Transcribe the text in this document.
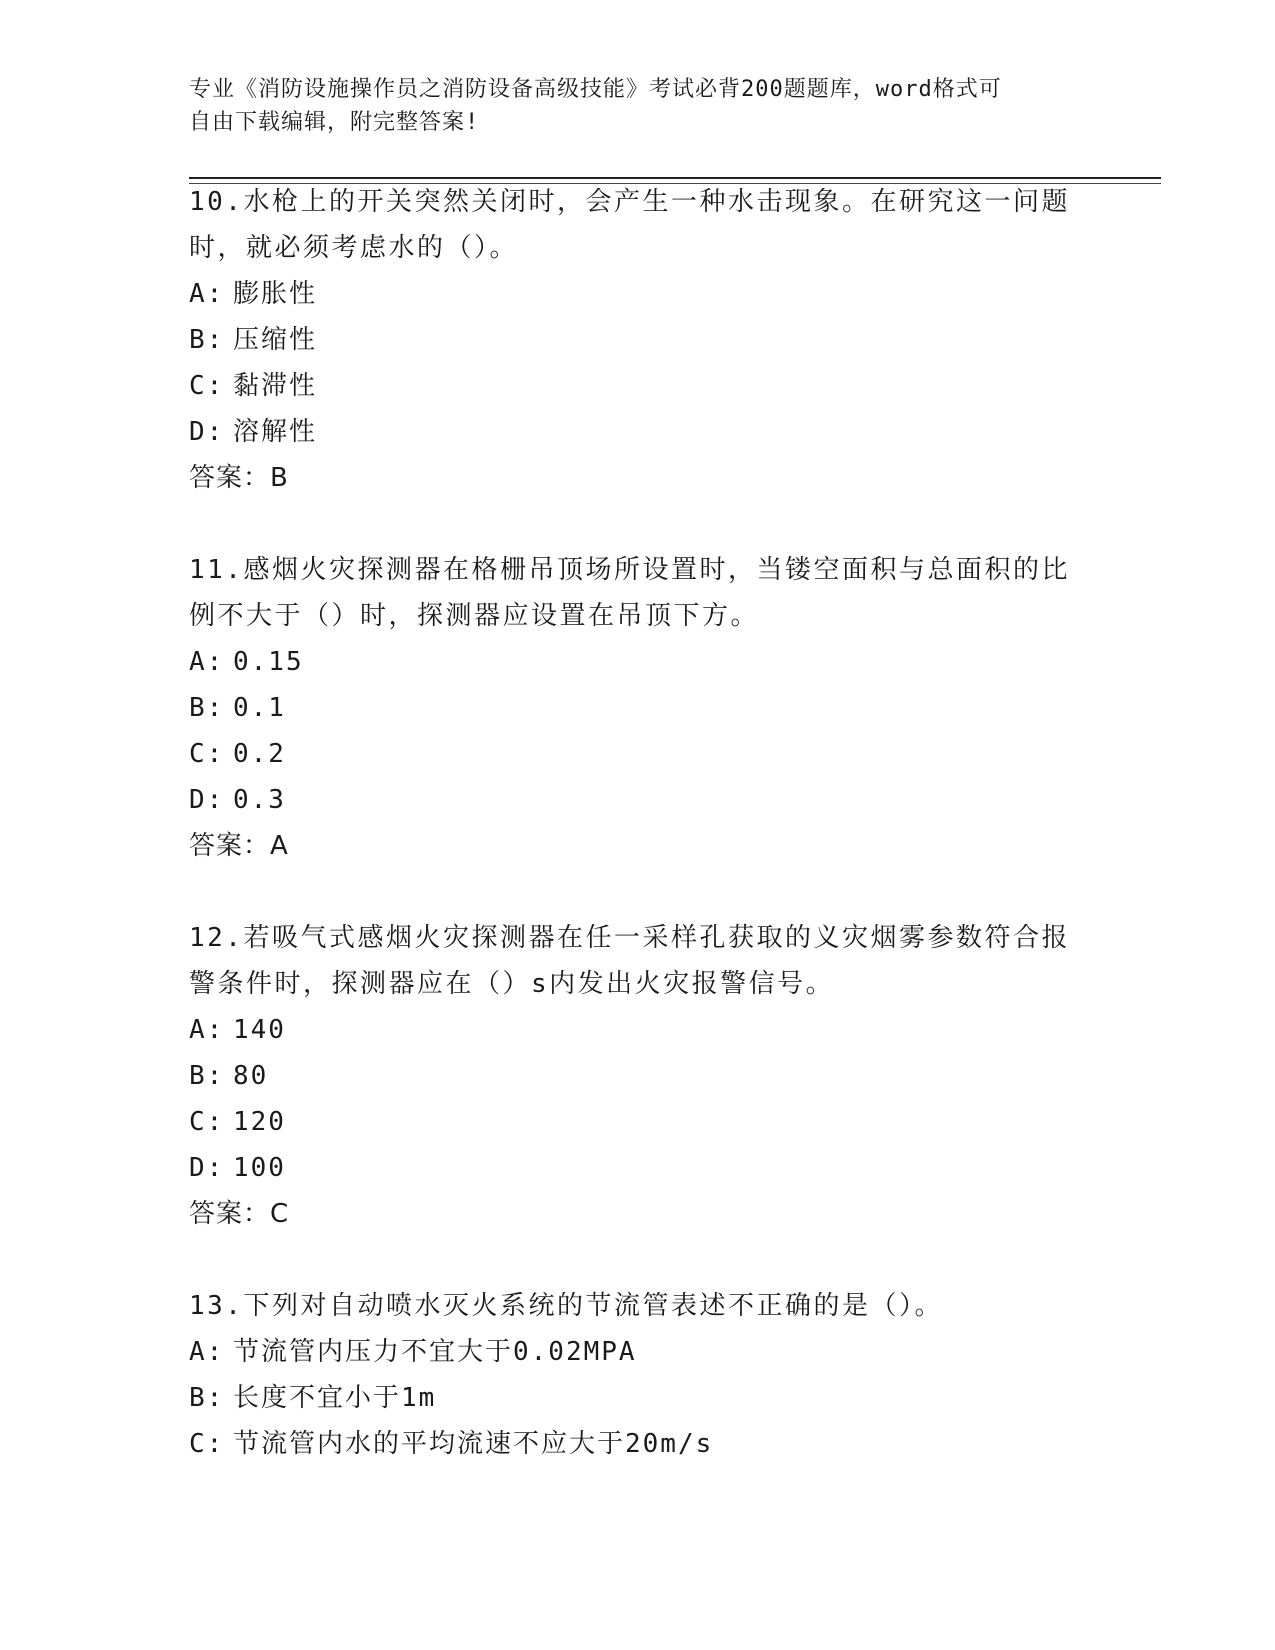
专业《消防设施操作员之消防设备高级技能》考试必背200题题库，word格式可
自由下载编辑，附完整答案!

10.水枪上的开关突然关闭时，会产生一种水击现象。在研究这一问题时，就必须考虑水的（）。

A: 膨胀性

B: 压缩性

C: 黏滞性

D: 溶解性

答案：B

11.感烟火灾探测器在格栅吊顶场所设置时，当镂空面积与总面积的比例不大于（）时，探测器应设置在吊顶下方。

A: 0.15

B: 0.1

C: 0.2

D: 0.3

答案：A

12.若吸气式感烟火灾探测器在任一采样孔获取的义灾烟雾参数符合报警条件时，探测器应在（）s内发出火灾报警信号。

A: 140

B: 80

C: 120

D: 100

答案：C

13.下列对自动喷水灭火系统的节流管表述不正确的是（）。

A: 节流管内压力不宜大于0.02MPA

B: 长度不宜小于1m

C: 节流管内水的平均流速不应大于20m/s
